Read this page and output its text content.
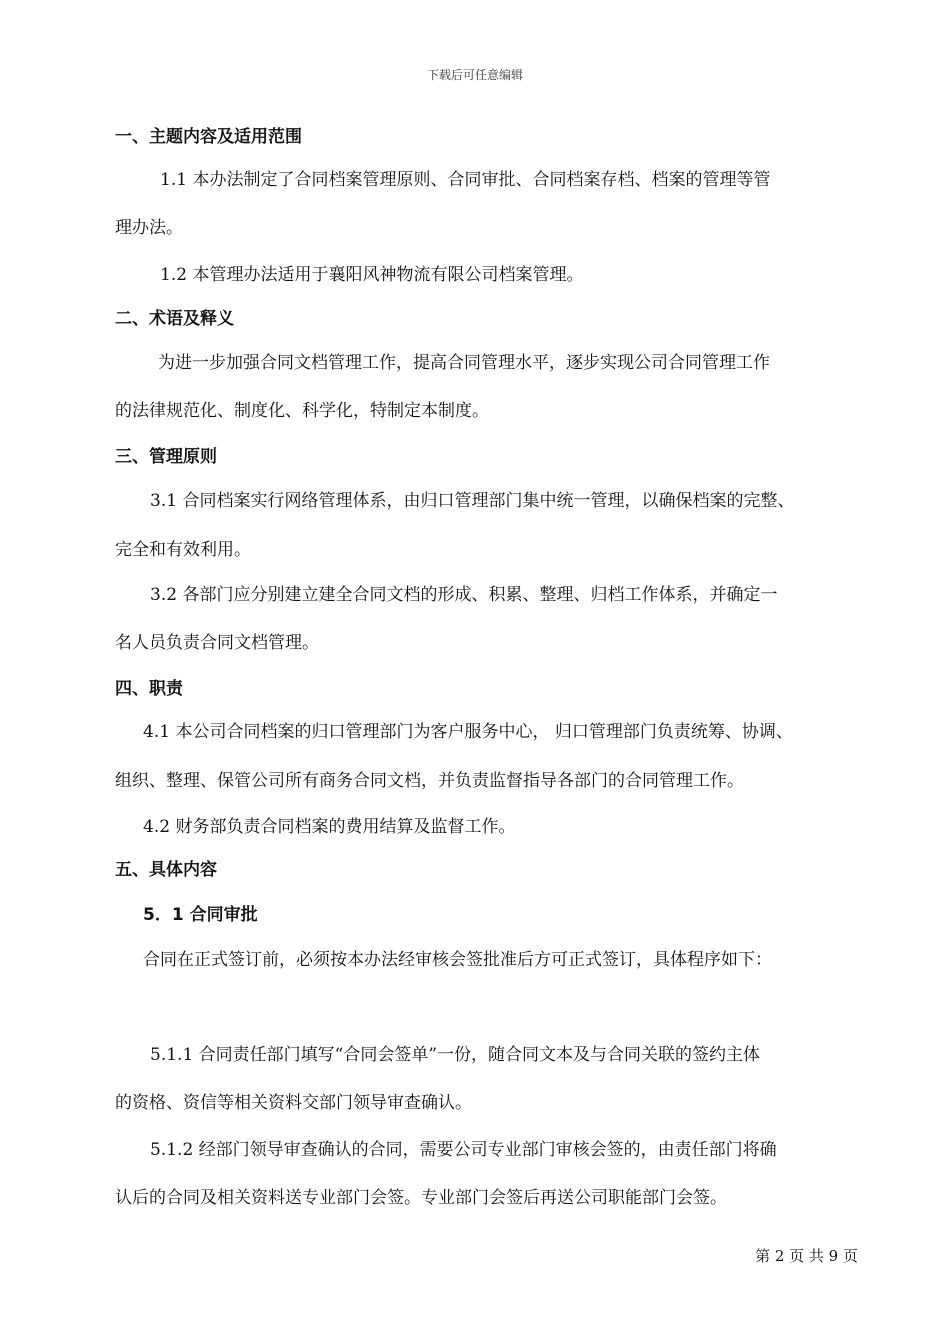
下载后可任意编辑
一、主题内容及适用范围
1.1 本办法制定了合同档案管理原则、合同审批、合同档案存档、档案的管理等管
理办法。
1.2 本管理办法适用于襄阳风神物流有限公司档案管理。
二、术语及释义
为进一步加强合同文档管理工作，提高合同管理水平，逐步实现公司合同管理工作
的法律规范化、制度化、科学化，特制定本制度。
三、管理原则
3.1 合同档案实行网络管理体系，由归口管理部门集中统一管理，以确保档案的完整、
完全和有效利用。
3.2 各部门应分别建立建全合同文档的形成、积累、整理、归档工作体系，并确定一
名人员负责合同文档管理。
四、职责
4.1 本公司合同档案的归口管理部门为客户服务中心， 归口管理部门负责统筹、协调、
组织、整理、保管公司所有商务合同文档，并负责监督指导各部门的合同管理工作。
4.2 财务部负责合同档案的费用结算及监督工作。
五、具体内容
5．1 合同审批
合同在正式签订前，必须按本办法经审核会签批准后方可正式签订，具体程序如下：
5.1.1 合同责任部门填写“合同会签单”一份，随合同文本及与合同关联的签约主体
的资格、资信等相关资料交部门领导审查确认。
5.1.2 经部门领导审查确认的合同，需要公司专业部门审核会签的，由责任部门将确
认后的合同及相关资料送专业部门会签。专业部门会签后再送公司职能部门会签。
第 2 页 共 9 页
